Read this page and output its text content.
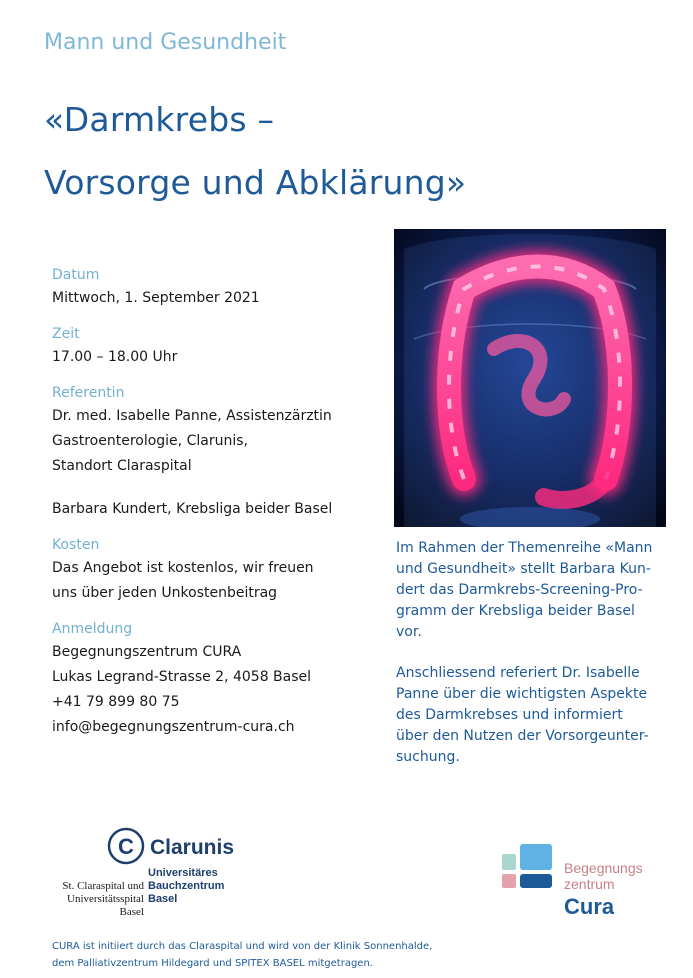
Mann und Gesundheit
«Darmkrebs –
Vorsorge und Abklärung»
Datum
Mittwoch, 1. September 2021
Zeit
17.00 – 18.00 Uhr
Referentin
Dr. med. Isabelle Panne, Assistenzärztin
Gastroenterologie, Clarunis,
Standort Claraspital
Barbara Kundert, Krebsliga beider Basel
Kosten
Das Angebot ist kostenlos, wir freuen
uns über jeden Unkostenbeitrag
Anmeldung
Begegnungszentrum CURA
Lukas Legrand-Strasse 2, 4058 Basel
+41 79 899 80 75
info@begegnungszentrum-cura.ch

Im Rahmen der Themenreihe «Mann
und Gesundheit» stellt Barbara Kun-
dert das Darmkrebs-Screening-Pro-
gramm der Krebsliga beider Basel
vor.

Anschliessend referiert Dr. Isabelle
Panne über die wichtigsten Aspekte
des Darmkrebses und informiert
über den Nutzen der Vorsorgeunter-
suchung.

C Clarunis
Universitäres
Bauchzentrum
Basel
St. Claraspital und
Universitätsspital
Basel
Begegnungs
zentrum
Cura
CURA ist initiiert durch das Claraspital und wird von der Klinik Sonnenhalde,
dem Palliativzentrum Hildegard und SPITEX BASEL mitgetragen.
